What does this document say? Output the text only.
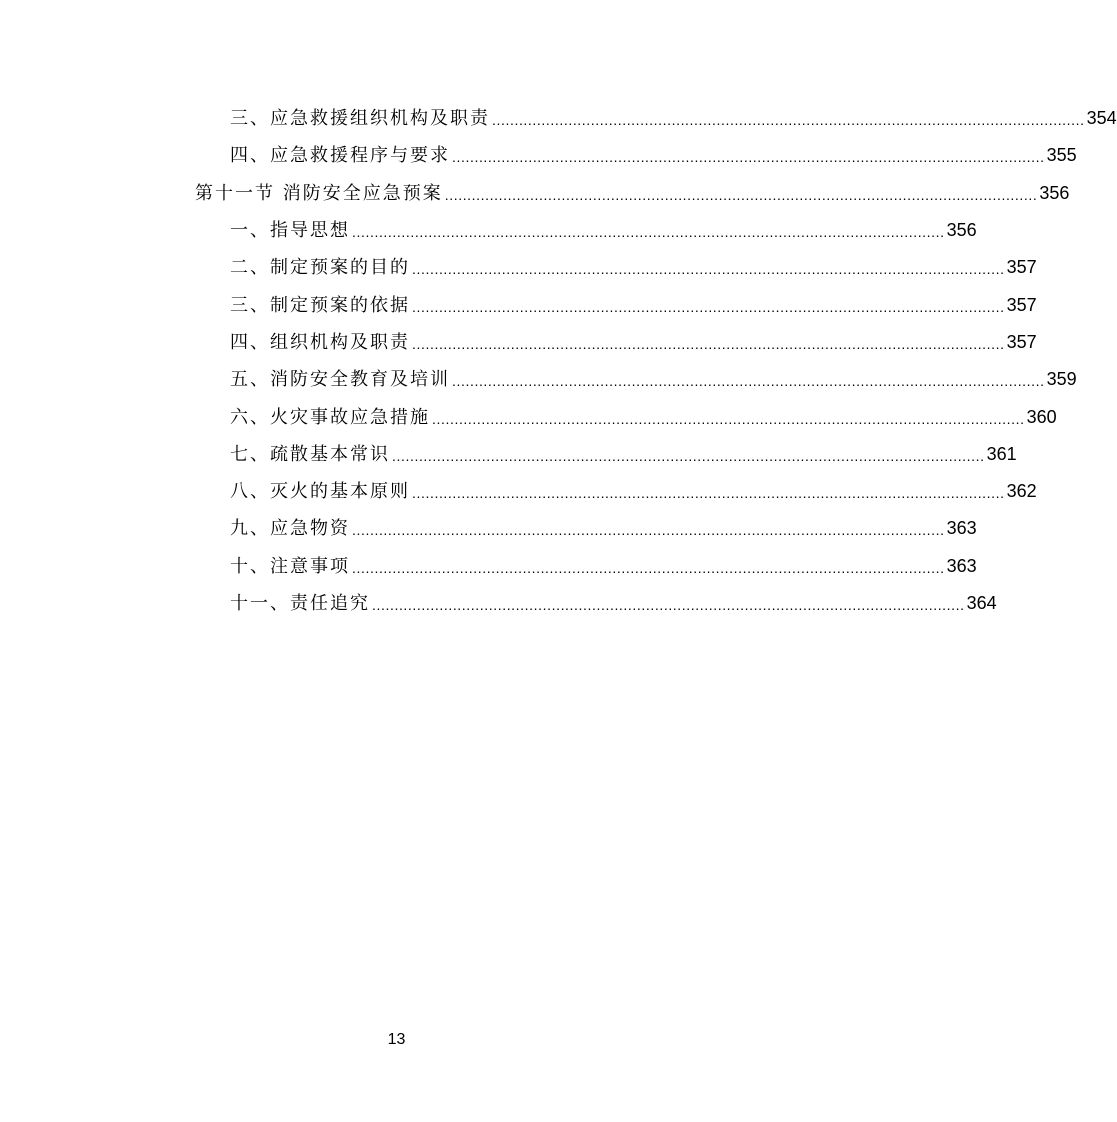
三、应急救援组织机构及职责 .................................................................................................................................... 354
四、应急救援程序与要求 .................................................................................................................................... 355
第十一节 消防安全应急预案 .................................................................................................................................... 356
一、指导思想 .................................................................................................................................... 356
二、制定预案的目的 .................................................................................................................................... 357
三、制定预案的依据 .................................................................................................................................... 357
四、组织机构及职责 .................................................................................................................................... 357
五、消防安全教育及培训 .................................................................................................................................... 359
六、火灾事故应急措施 .................................................................................................................................... 360
七、疏散基本常识 .................................................................................................................................... 361
八、灭火的基本原则 .................................................................................................................................... 362
九、应急物资 .................................................................................................................................... 363
十、注意事项 .................................................................................................................................... 363
十一、责任追究 .................................................................................................................................... 364
13
